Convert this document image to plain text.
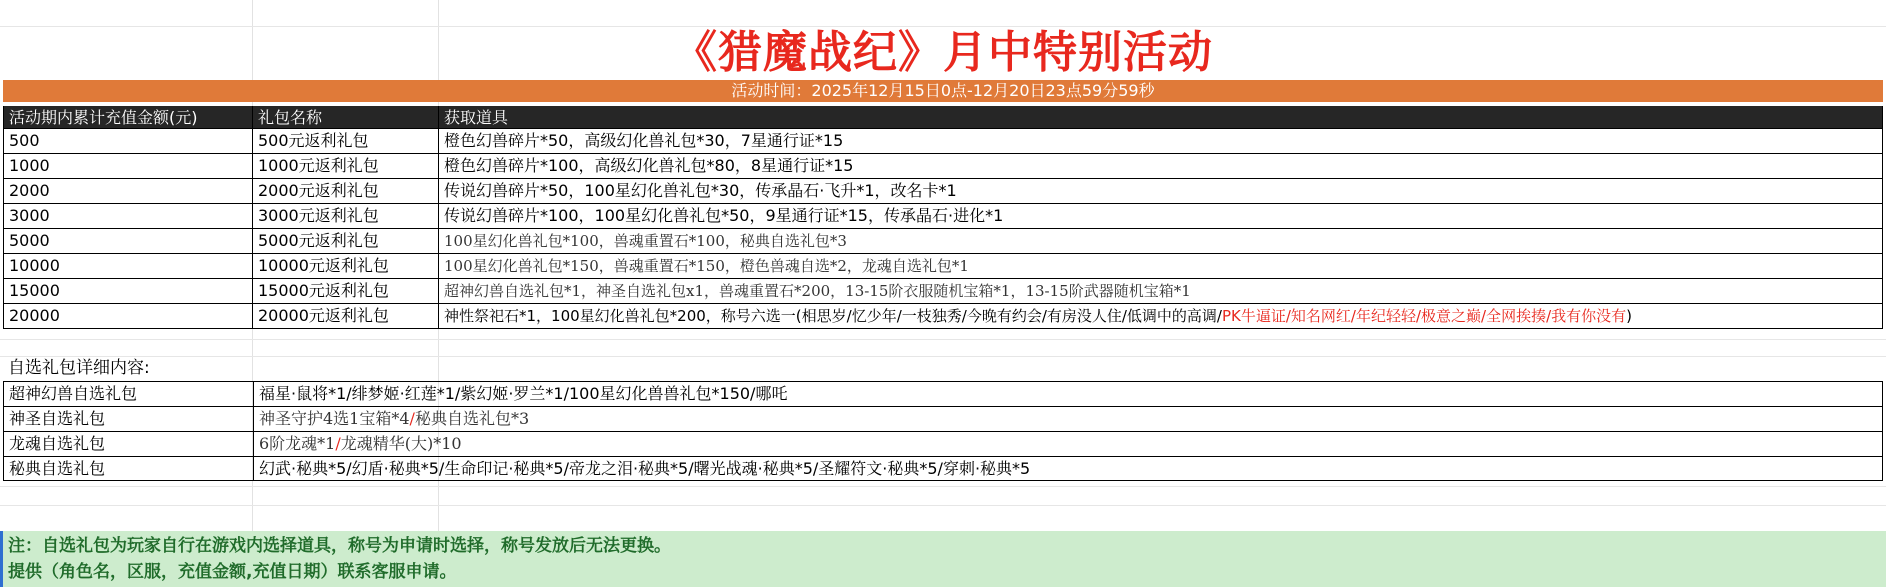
《猎魔战纪》月中特别活动
活动时间：2025年12月15日0点-12月20日23点59分59秒
活动期内累计充值金额(元)	礼包名称	获取道具
500	500元返利礼包	橙色幻兽碎片*50，高级幻化兽礼包*30，7星通行证*15
1000	1000元返利礼包	橙色幻兽碎片*100，高级幻化兽礼包*80，8星通行证*15
2000	2000元返利礼包	传说幻兽碎片*50，100星幻化兽礼包*30，传承晶石·飞升*1，改名卡*1
3000	3000元返利礼包	传说幻兽碎片*100，100星幻化兽礼包*50，9星通行证*15，传承晶石·进化*1
5000	5000元返利礼包	100星幻化兽礼包*100，兽魂重置石*100，秘典自选礼包*3
10000	10000元返利礼包	100星幻化兽礼包*150，兽魂重置石*150，橙色兽魂自选*2，龙魂自选礼包*1
15000	15000元返利礼包	超神幻兽自选礼包*1，神圣自选礼包x1，兽魂重置石*200，13-15阶衣服随机宝箱*1，13-15阶武器随机宝箱*1
20000	20000元返利礼包	神性祭祀石*1，100星幻化兽礼包*200，称号六选一(相思岁/忆少年/一枝独秀/今晚有约会/有房没人住/低调中的高调/PK牛逼证/知名网红/年纪轻轻/极意之巅/全网挨揍/我有你没有)
自选礼包详细内容:
超神幻兽自选礼包	福星·鼠将*1/绯梦姬·红莲*1/紫幻姬·罗兰*1/100星幻化兽兽礼包*150/哪吒
神圣自选礼包	神圣守护4选1宝箱*4/秘典自选礼包*3
龙魂自选礼包	6阶龙魂*1/龙魂精华(大)*10
秘典自选礼包	幻武·秘典*5/幻盾·秘典*5/生命印记·秘典*5/帝龙之泪·秘典*5/曙光战魂·秘典*5/圣耀符文·秘典*5/穿刺·秘典*5
注：自选礼包为玩家自行在游戏内选择道具，称号为申请时选择，称号发放后无法更换。
提供（角色名，区服，充值金额,充值日期）联系客服申请。
